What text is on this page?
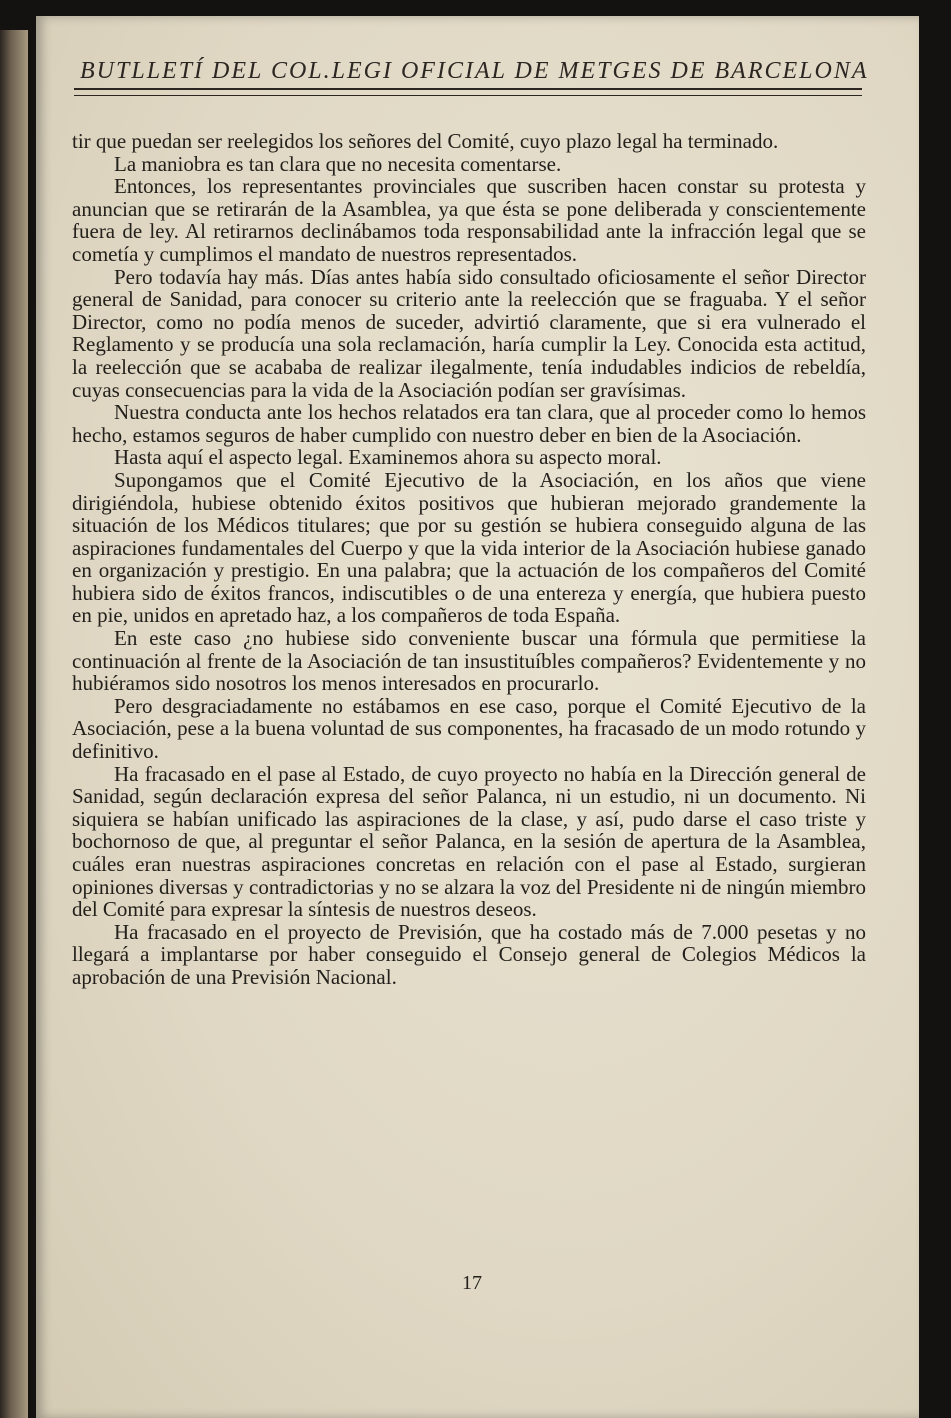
BUTLLETÍ DEL COL.LEGI OFICIAL DE METGES DE BARCELONA

tir que puedan ser reelegidos los señores del Comité, cuyo plazo legal ha terminado.

La maniobra es tan clara que no necesita comentarse.

Entonces, los representantes provinciales que suscriben hacen constar su protesta y anuncian que se retirarán de la Asamblea, ya que ésta se pone deliberada y conscientemente fuera de ley. Al retirarnos declinábamos toda responsabilidad ante la infracción legal que se cometía y cumplimos el mandato de nuestros representados.

Pero todavía hay más. Días antes había sido consultado oficiosamente el señor Director general de Sanidad, para conocer su criterio ante la reelección que se fraguaba. Y el señor Director, como no podía menos de suceder, advirtió claramente, que si era vulnerado el Reglamento y se producía una sola reclamación, haría cumplir la Ley. Conocida esta actitud, la reelección que se acababa de realizar ilegalmente, tenía indudables indicios de rebeldía, cuyas consecuencias para la vida de la Asociación podían ser gravísimas.

Nuestra conducta ante los hechos relatados era tan clara, que al proceder como lo hemos hecho, estamos seguros de haber cumplido con nuestro deber en bien de la Asociación.

Hasta aquí el aspecto legal. Examinemos ahora su aspecto moral.

Supongamos que el Comité Ejecutivo de la Asociación, en los años que viene dirigiéndola, hubiese obtenido éxitos positivos que hubieran mejorado grandemente la situación de los Médicos titulares; que por su gestión se hubiera conseguido alguna de las aspiraciones fundamentales del Cuerpo y que la vida interior de la Asociación hubiese ganado en organización y prestigio. En una palabra; que la actuación de los compañeros del Comité hubiera sido de éxitos francos, indiscutibles o de una entereza y energía, que hubiera puesto en pie, unidos en apretado haz, a los compañeros de toda España.

En este caso ¿no hubiese sido conveniente buscar una fórmula que permitiese la continuación al frente de la Asociación de tan insustituíbles compañeros? Evidentemente y no hubiéramos sido nosotros los menos interesados en procurarlo.

Pero desgraciadamente no estábamos en ese caso, porque el Comité Ejecutivo de la Asociación, pese a la buena voluntad de sus componentes, ha fracasado de un modo rotundo y definitivo.

Ha fracasado en el pase al Estado, de cuyo proyecto no había en la Dirección general de Sanidad, según declaración expresa del señor Palanca, ni un estudio, ni un documento. Ni siquiera se habían unificado las aspiraciones de la clase, y así, pudo darse el caso triste y bochornoso de que, al preguntar el señor Palanca, en la sesión de apertura de la Asamblea, cuáles eran nuestras aspiraciones concretas en relación con el pase al Estado, surgieran opiniones diversas y contradictorias y no se alzara la voz del Presidente ni de ningún miembro del Comité para expresar la síntesis de nuestros deseos.

Ha fracasado en el proyecto de Previsión, que ha costado más de 7.000 pesetas y no llegará a implantarse por haber conseguido el Consejo general de Colegios Médicos la aprobación de una Previsión Nacional.

17
